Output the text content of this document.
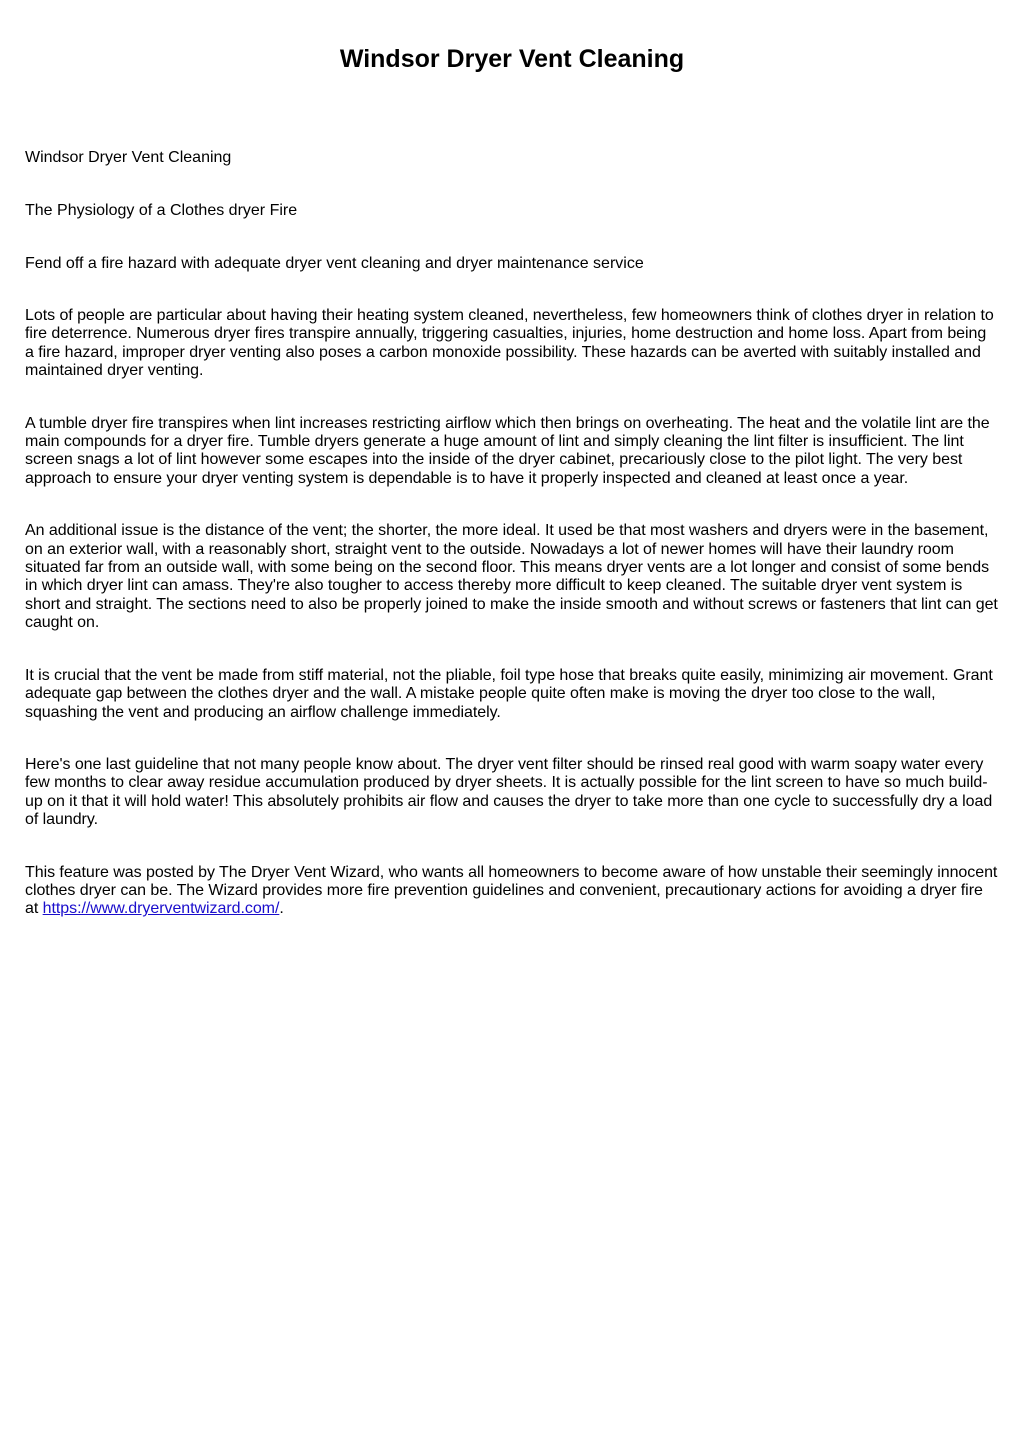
Windsor Dryer Vent Cleaning

Windsor Dryer Vent Cleaning

The Physiology of a Clothes dryer Fire

Fend off a fire hazard with adequate dryer vent cleaning and dryer maintenance service

Lots of people are particular about having their heating system cleaned, nevertheless, few homeowners think of clothes dryer in relation to fire deterrence. Numerous dryer fires transpire annually, triggering casualties, injuries, home destruction and home loss. Apart from being a fire hazard, improper dryer venting also poses a carbon monoxide possibility. These hazards can be averted with suitably installed and maintained dryer venting.

A tumble dryer fire transpires when lint increases restricting airflow which then brings on overheating. The heat and the volatile lint are the main compounds for a dryer fire. Tumble dryers generate a huge amount of lint and simply cleaning the lint filter is insufficient. The lint screen snags a lot of lint however some escapes into the inside of the dryer cabinet, precariously close to the pilot light. The very best approach to ensure your dryer venting system is dependable is to have it properly inspected and cleaned at least once a year.

An additional issue is the distance of the vent; the shorter, the more ideal. It used be that most washers and dryers were in the basement, on an exterior wall, with a reasonably short, straight vent to the outside. Nowadays a lot of newer homes will have their laundry room situated far from an outside wall, with some being on the second floor. This means dryer vents are a lot longer and consist of some bends in which dryer lint can amass. They're also tougher to access thereby more difficult to keep cleaned. The suitable dryer vent system is short and straight. The sections need to also be properly joined to make the inside smooth and without screws or fasteners that lint can get caught on.

It is crucial that the vent be made from stiff material, not the pliable, foil type hose that breaks quite easily, minimizing air movement. Grant adequate gap between the clothes dryer and the wall. A mistake people quite often make is moving the dryer too close to the wall, squashing the vent and producing an airflow challenge immediately.

Here's one last guideline that not many people know about. The dryer vent filter should be rinsed real good with warm soapy water every few months to clear away residue accumulation produced by dryer sheets. It is actually possible for the lint screen to have so much build-up on it that it will hold water! This absolutely prohibits air flow and causes the dryer to take more than one cycle to successfully dry a load of laundry.

This feature was posted by The Dryer Vent Wizard, who wants all homeowners to become aware of how unstable their seemingly innocent clothes dryer can be. The Wizard provides more fire prevention guidelines and convenient, precautionary actions for avoiding a dryer fire at https://www.dryerventwizard.com/.
